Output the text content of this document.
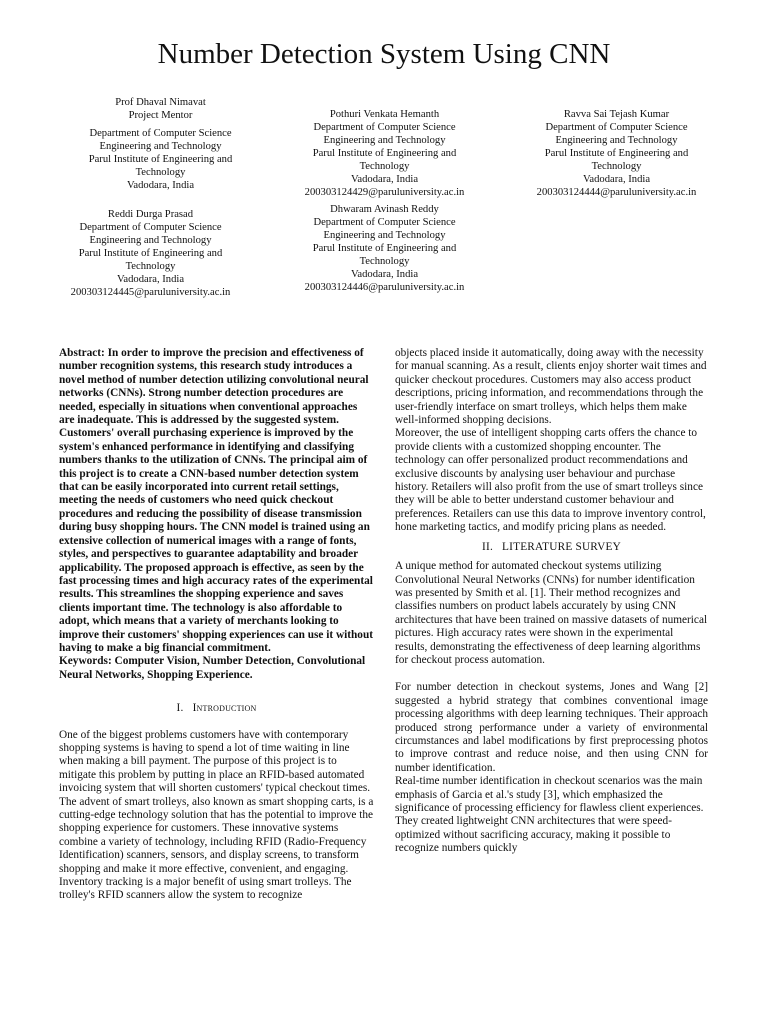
Number Detection System Using CNN
Prof Dhaval Nimavat
Project Mentor
Department of Computer Science
Engineering and Technology
Parul Institute of Engineering and
Technology
Vadodara, India
Pothuri Venkata Hemanth
Department of Computer Science
Engineering and Technology
Parul Institute of Engineering and
Technology
Vadodara, India
200303124429@paruluniversity.ac.in
Ravva Sai Tejash Kumar
Department of Computer Science
Engineering and Technology
Parul Institute of Engineering and
Technology
Vadodara, India
200303124444@paruluniversity.ac.in
Reddi Durga Prasad
Department of Computer Science
Engineering and Technology
Parul Institute of Engineering and
Technology
Vadodara, India
200303124445@paruluniversity.ac.in
Dhwaram Avinash Reddy
Department of Computer Science
Engineering and Technology
Parul Institute of Engineering and
Technology
Vadodara, India
200303124446@paruluniversity.ac.in

Abstract: In order to improve the precision and effectiveness of number recognition systems, this research study introduces a novel method of number detection utilizing convolutional neural networks (CNNs). Strong number detection procedures are needed, especially in situations when conventional approaches are inadequate. This is addressed by the suggested system. Customers' overall purchasing experience is improved by the system's enhanced performance in identifying and classifying numbers thanks to the utilization of CNNs. The principal aim of this project is to create a CNN-based number detection system that can be easily incorporated into current retail settings, meeting the needs of customers who need quick checkout procedures and reducing the possibility of disease transmission during busy shopping hours. The CNN model is trained using an extensive collection of numerical images with a range of fonts, styles, and perspectives to guarantee adaptability and broader applicability. The proposed approach is effective, as seen by the fast processing times and high accuracy rates of the experimental results. This streamlines the shopping experience and saves clients important time. The technology is also affordable to adopt, which means that a variety of merchants looking to improve their customers' shopping experiences can use it without having to make a big financial commitment.

Keywords: Computer Vision, Number Detection, Convolutional Neural Networks, Shopping Experience.

I. Introduction

One of the biggest problems customers have with contemporary shopping systems is having to spend a lot of time waiting in line when making a bill payment. The purpose of this project is to mitigate this problem by putting in place an RFID-based automated invoicing system that will shorten customers' typical checkout times. The advent of smart trolleys, also known as smart shopping carts, is a cutting-edge technology solution that has the potential to improve the shopping experience for customers. These innovative systems combine a variety of technology, including RFID (Radio-Frequency Identification) scanners, sensors, and display screens, to transform shopping and make it more effective, convenient, and engaging.

Inventory tracking is a major benefit of using smart trolleys. The trolley's RFID scanners allow the system to recognize

objects placed inside it automatically, doing away with the necessity for manual scanning. As a result, clients enjoy shorter wait times and quicker checkout procedures. Customers may also access product descriptions, pricing information, and recommendations through the user-friendly interface on smart trolleys, which helps them make well-informed shopping decisions.

Moreover, the use of intelligent shopping carts offers the chance to provide clients with a customized shopping encounter. The technology can offer personalized product recommendations and exclusive discounts by analysing user behaviour and purchase history. Retailers will also profit from the use of smart trolleys since they will be able to better understand customer behaviour and preferences. Retailers can use this data to improve inventory control, hone marketing tactics, and modify pricing plans as needed.

II. LITERATURE SURVEY

A unique method for automated checkout systems utilizing Convolutional Neural Networks (CNNs) for number identification was presented by Smith et al. [1]. Their method recognizes and classifies numbers on product labels accurately by using CNN architectures that have been trained on massive datasets of numerical pictures. High accuracy rates were shown in the experimental results, demonstrating the effectiveness of deep learning algorithms for checkout process automation.

For number detection in checkout systems, Jones and Wang [2] suggested a hybrid strategy that combines conventional image processing algorithms with deep learning techniques. Their approach produced strong performance under a variety of environmental circumstances and label modifications by first preprocessing photos to improve contrast and reduce noise, and then using CNN for number identification.

Real-time number identification in checkout scenarios was the main emphasis of Garcia et al.'s study [3], which emphasized the significance of processing efficiency for flawless client experiences. They created lightweight CNN architectures that were speed-optimized without sacrificing accuracy, making it possible to recognize numbers quickly
